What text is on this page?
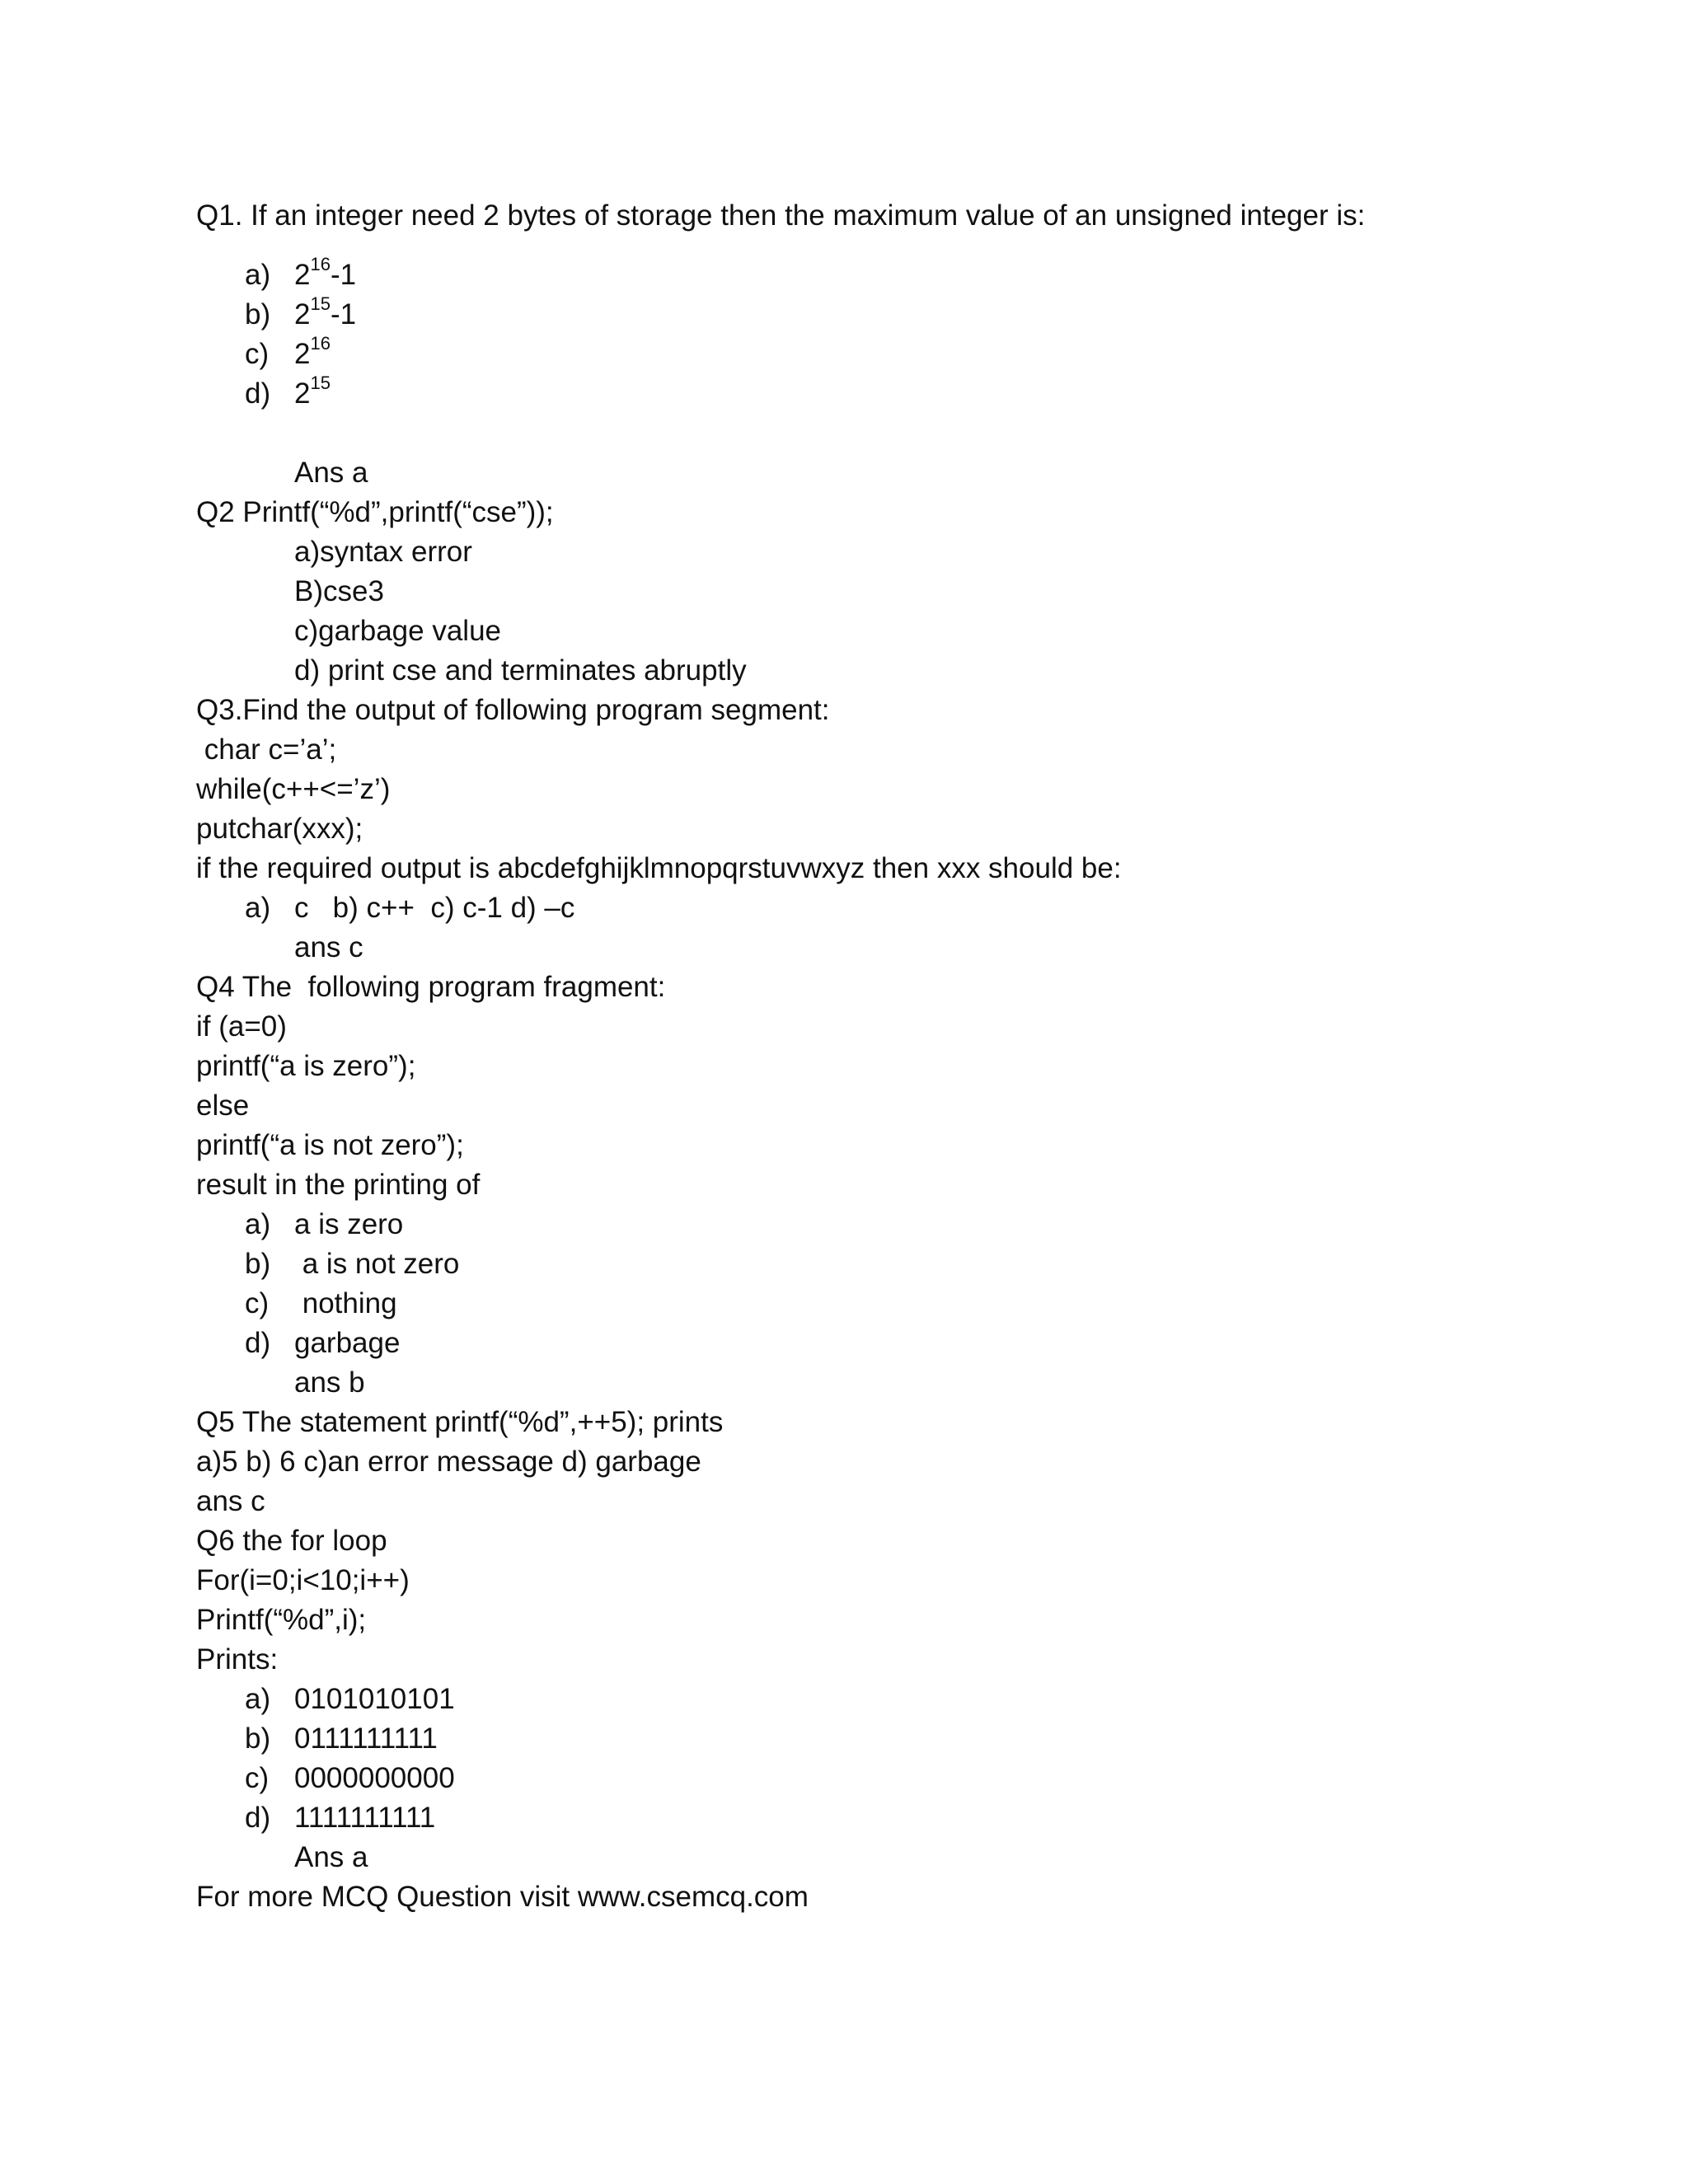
Q1. If an integer need 2 bytes of storage then the maximum value of an unsigned integer is:
a) $2^{16}-1$
b) $2^{15}-1$
c) $2^{16}$
d) $2^{15}$
Ans a
Q2 Printf(“%d”,printf(“cse”));
a)syntax error
B)cse3
c)garbage value
d) print cse and terminates abruptly
Q3.Find the output of following program segment:
char c=’a’;
while(c++<=’z’)
putchar(xxx);
if the required output is abcdefghijklmnopqrstuvwxyz then xxx should be:
a) c   b) c++  c) c-1 d) –c
ans c
Q4 The  following program fragment:
if (a=0)
printf(“a is zero”);
else
printf(“a is not zero”);
result in the printing of
a) a is zero
b) a is not zero
c) nothing
d) garbage
ans b
Q5 The statement printf(“%d”,++5); prints
a)5 b) 6 c)an error message d) garbage
ans c
Q6 the for loop
For(i=0;i<10;i++)
Printf(“%d”,i);
Prints:
a) 0101010101
b) 0111111111
c) 0000000000
d) 1111111111
Ans a
For more MCQ Question visit www.csemcq.com
